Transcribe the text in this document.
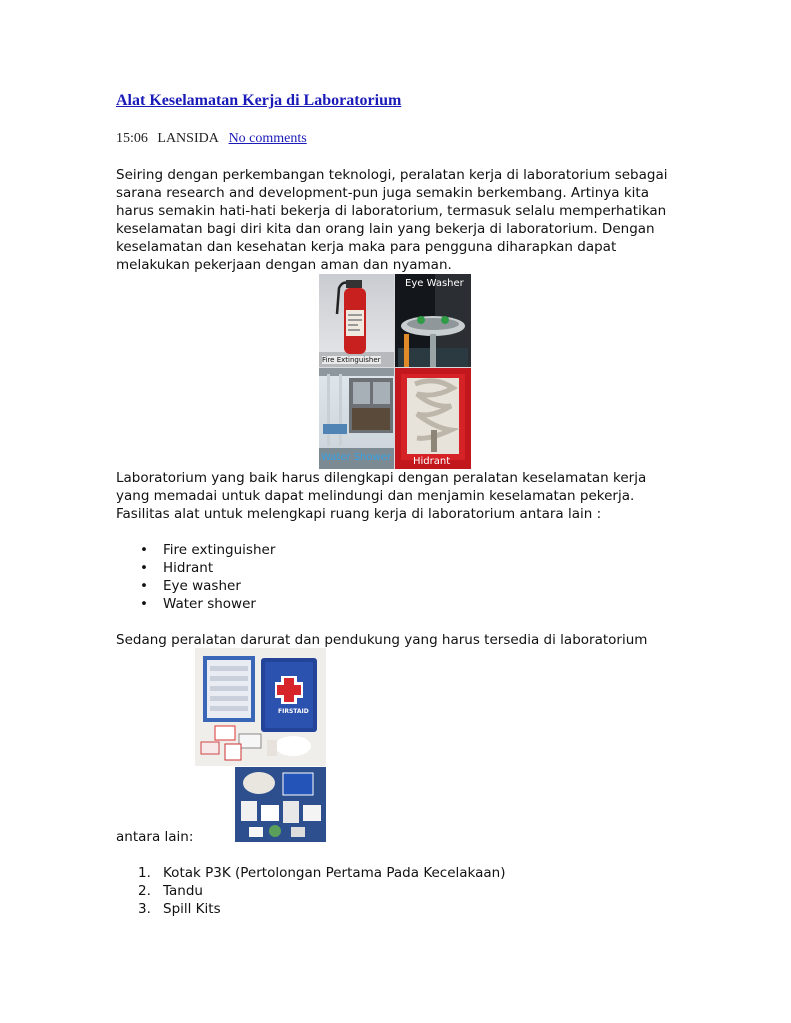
Alat Keselamatan Kerja di Laboratorium
15:06 LANSIDA No comments
Seiring dengan perkembangan teknologi, peralatan kerja di laboratorium sebagai
sarana research and development-pun juga semakin berkembang. Artinya kita
harus semakin hati-hati bekerja di laboratorium, termasuk selalu memperhatikan
keselamatan bagi diri kita dan orang lain yang bekerja di laboratorium. Dengan
keselamatan dan kesehatan kerja maka para pengguna diharapkan dapat
melakukan pekerjaan dengan aman dan nyaman.
Fire Extinguisher
Eye Washer
Water Shower Hidrant
Laboratorium yang baik harus dilengkapi dengan peralatan keselamatan kerja
yang memadai untuk dapat melindungi dan menjamin keselamatan pekerja.
Fasilitas alat untuk melengkapi ruang kerja di laboratorium antara lain :
• Fire extinguisher
• Hidrant
• Eye washer
• Water shower
Sedang peralatan darurat dan pendukung yang harus tersedia di laboratorium
FIRSTAID
antara lain:
1. Kotak P3K (Pertolongan Pertama Pada Kecelakaan)
2. Tandu
3. Spill Kits
